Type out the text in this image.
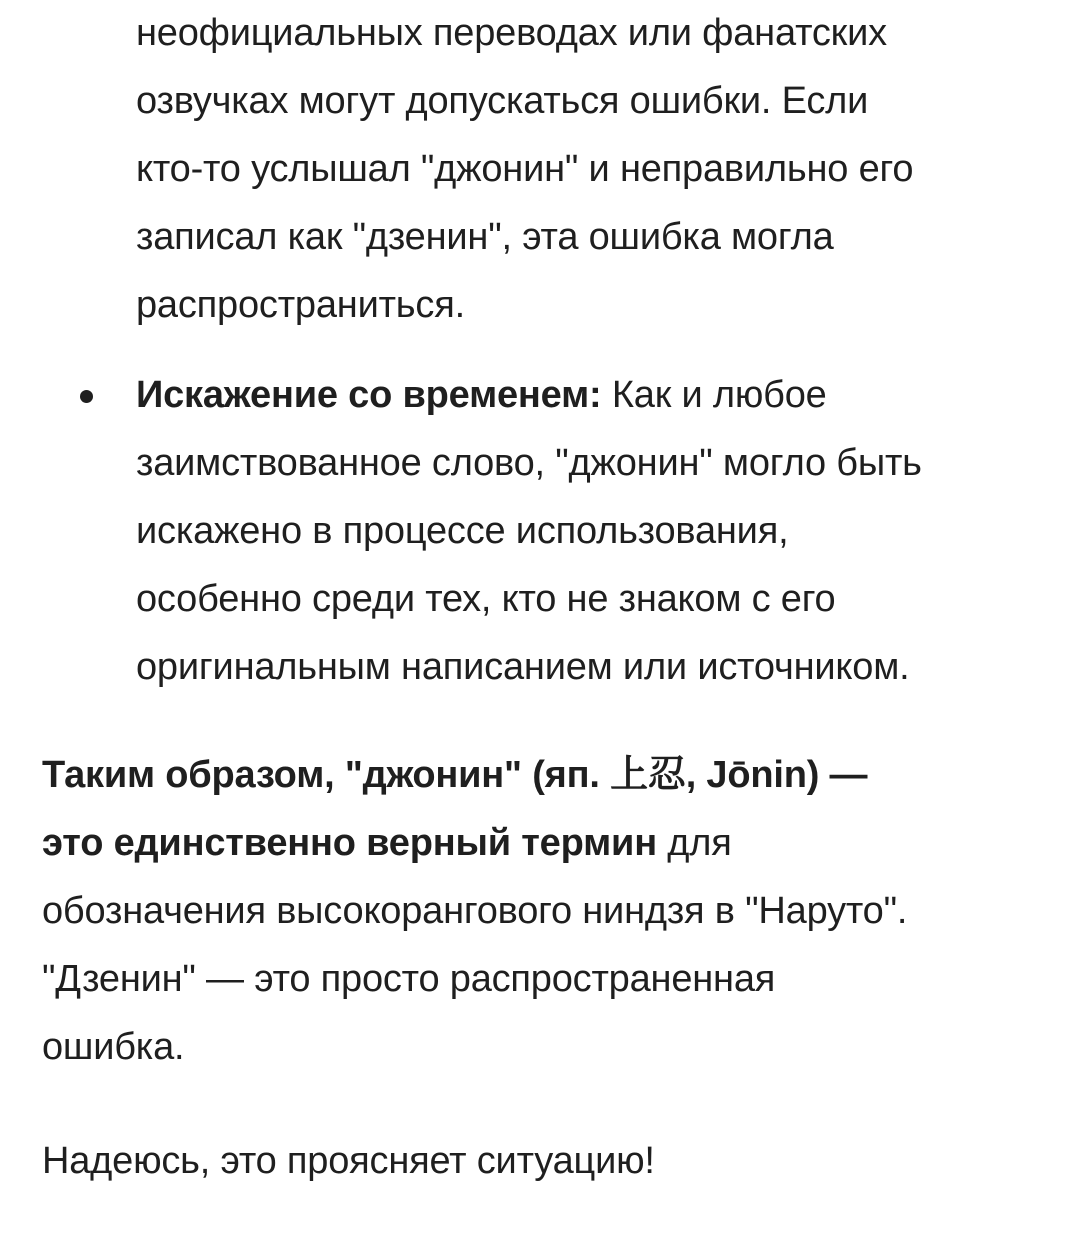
неофициальных переводах или фанатских
озвучках могут допускаться ошибки. Если
кто-то услышал "джонин" и неправильно его
записал как "дзенин", эта ошибка могла
распространиться.
Искажение со временем: Как и любое
заимствованное слово, "джонин" могло быть
искажено в процессе использования,
особенно среди тех, кто не знаком с его
оригинальным написанием или источником.
Таким образом, "джонин" (яп. 上忍, Jōnin) —
это единственно верный термин для
обозначения высокорангового ниндзя в "Наруто".
"Дзенин" — это просто распространенная
ошибка.
Надеюсь, это проясняет ситуацию!
